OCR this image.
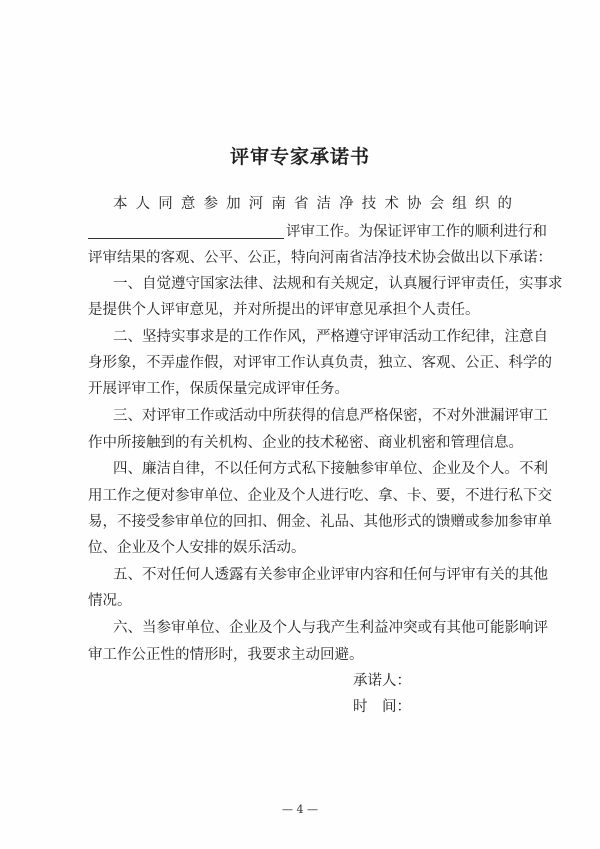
评审专家承诺书
本人同意参加河南省洁净技术协会组织的
评审工作。为保证评审工作的顺利进行和
评审结果的客观、公平、公正，特向河南省洁净技术协会做出以下承诺：
一、自觉遵守国家法律、法规和有关规定，认真履行评审责任，实事求
是提供个人评审意见，并对所提出的评审意见承担个人责任。
二、坚持实事求是的工作作风，严格遵守评审活动工作纪律，注意自
身形象，不弄虚作假，对评审工作认真负责，独立、客观、公正、科学的
开展评审工作，保质保量完成评审任务。
三、对评审工作或活动中所获得的信息严格保密，不对外泄漏评审工
作中所接触到的有关机构、企业的技术秘密、商业机密和管理信息。
四、廉洁自律，不以任何方式私下接触参审单位、企业及个人。不利
用工作之便对参审单位、企业及个人进行吃、拿、卡、要，不进行私下交
易，不接受参审单位的回扣、佣金、礼品、其他形式的馈赠或参加参审单
位、企业及个人安排的娱乐活动。
五、不对任何人透露有关参审企业评审内容和任何与评审有关的其他
情况。
六、当参审单位、企业及个人与我产生利益冲突或有其他可能影响评
审工作公正性的情形时，我要求主动回避。
承诺人：
时　间：
— 4 —
